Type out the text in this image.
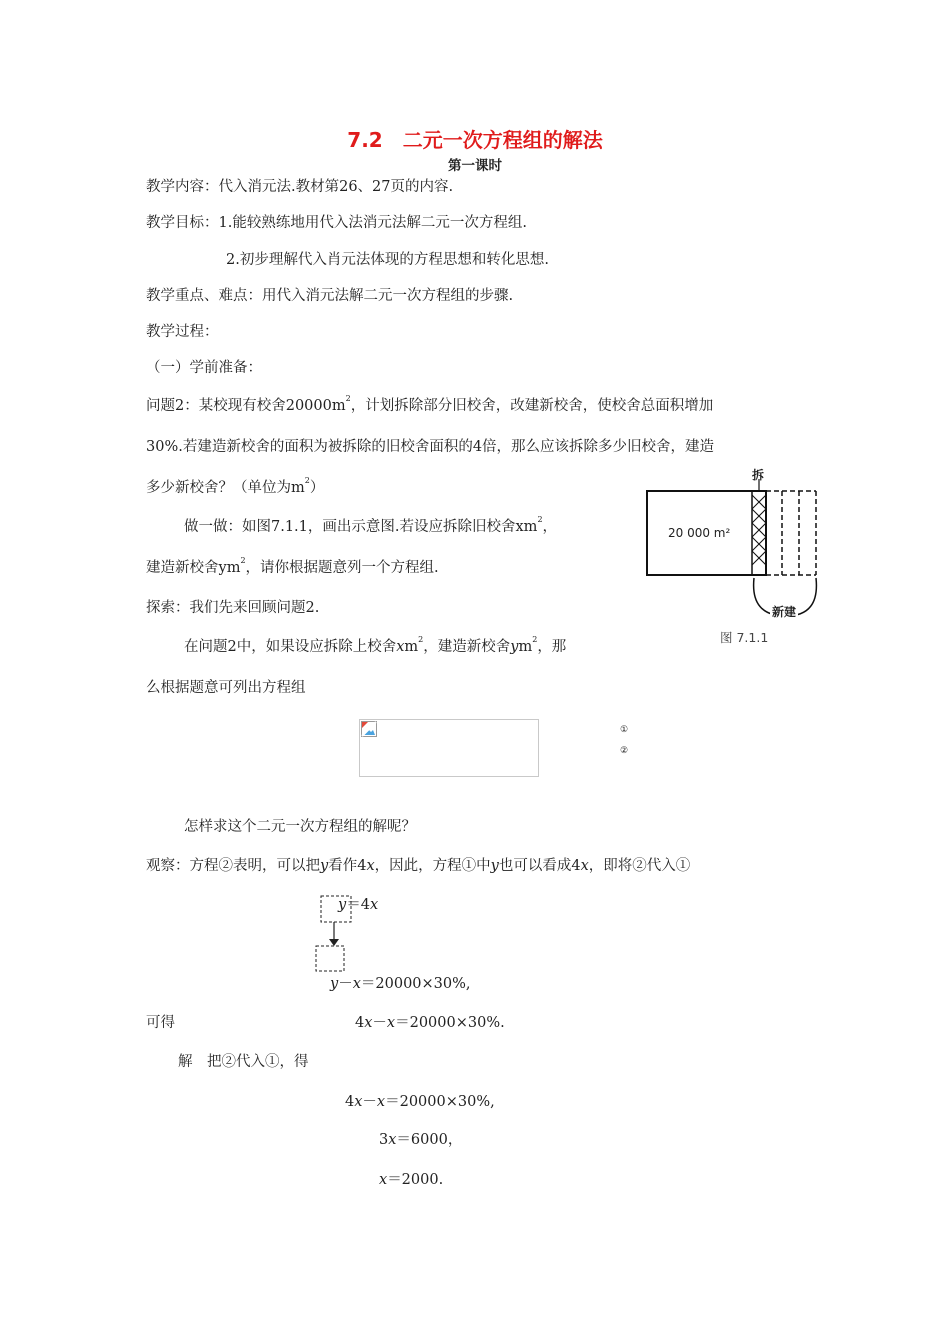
7.2　二元一次方程组的解法
第一课时
教学内容：代入消元法.教材第26、27页的内容.
教学目标：1.能较熟练地用代入法消元法解二元一次方程组.
2.初步理解代入肖元法体现的方程思想和转化思想.
教学重点、难点：用代入消元法解二元一次方程组的步骤.
教学过程：
（一）学前准备：
问题2：某校现有校舍$20000m^2$，计划拆除部分旧校舍，改建新校舍，使校舍总面积增加
30%.若建造新校舍的面积为被拆除的旧校舍面积的4倍，那么应该拆除多少旧校舍，建造
多少新校舍？（单位为$m^2$）
做一做：如图7.1.1，画出示意图.若设应拆除旧校舍$xm^2$，
建造新校舍$ym^2$，请你根据题意列一个方程组.
探索：我们先来回顾问题2.
在问题2中，如果设应拆除上校舍$xm^2$，建造新校舍$ym^2$，那
么根据题意可列出方程组
①
②
怎样求这个二元一次方程组的解呢？
观察：方程②表明，可以把y看作4x，因此，方程①中y也可以看成4x，即将②代入①
y＝4x
y－x＝20000×30%,
可得	4x－x＝20000×30%.
解　把②代入①，得
4x－x＝20000×30%,
3x＝6000，
x＝2000.
20 000 m²
拆
新建
图 7.1.1
